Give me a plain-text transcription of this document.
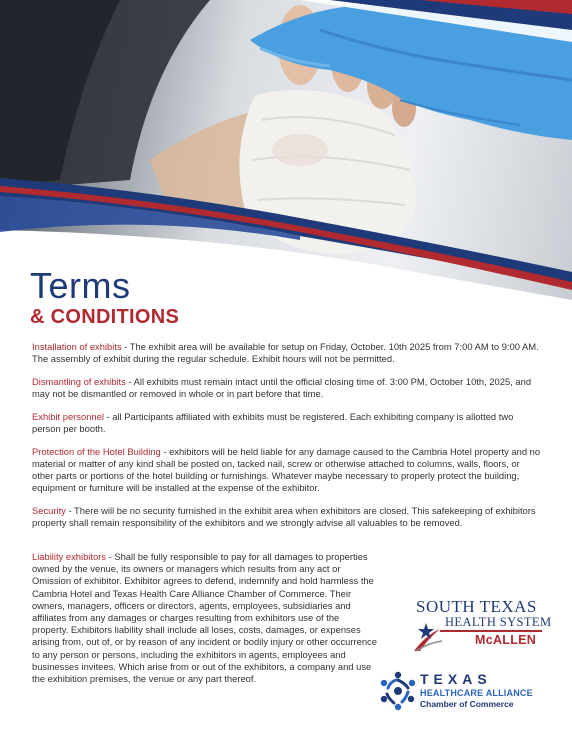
Terms
& CONDITIONS

Installation of exhibits - The exhibit area will be available for setup on Friday, October. 10th 2025 from 7:00 AM to 9:00 AM. The assembly of exhibit during the regular schedule. Exhibit hours will not be permitted.

Dismantling of exhibits - All exhibits must remain intact until the official closing time of. 3:00 PM, October 10th, 2025, and may not be dismantled or removed in whole or in part before that time.

Exhibit personnel - all Participants affiliated with exhibits must be registered. Each exhibiting company is allotted two person per booth.

Protection of the Hotel Building - exhibitors will be held liable for any damage caused to the Cambria Hotel property and no material or matter of any kind shall be posted on, tacked nail, screw or otherwise attached to columns, walls, floors, or other parts or portions of the hotel building or furnishings. Whatever maybe necessary to properly protect the building, equipment or furniture will be installed at the expense of the exhibitor.

Security - There will be no security furnished in the exhibit area when exhibitors are closed. This safekeeping of exhibitors property shall remain responsibility of the exhibitors and we strongly advise all valuables to be removed.

Liability exhibitors - Shall be fully responsible to pay for all damages to properties owned by the venue, its owners or managers which results from any act or Omission of exhibitor. Exhibitor agrees to defend, indemnify and hold harmless the Cambria Hotel and Texas Health Care Alliance Chamber of Commerce. Their owners, managers, officers or directors, agents, employees, subsidiaries and affiliates from any damages or charges resulting from exhibitors use of the property. Exhibitors liability shall include all loses, costs, damages, or expenses arising from, out of, or by reason of any incident or bodily injury or other occurrence to any person or persons, including the exhibitors in agents, employees and businesses invitees. Which arise from or out of the exhibitors, a company and use the exhibition premises, the venue or any part thereof.
SOUTH TEXAS
HEALTH SYSTEM
McALLEN
TEXAS
HEALTHCARE ALLIANCE
Chamber of Commerce
